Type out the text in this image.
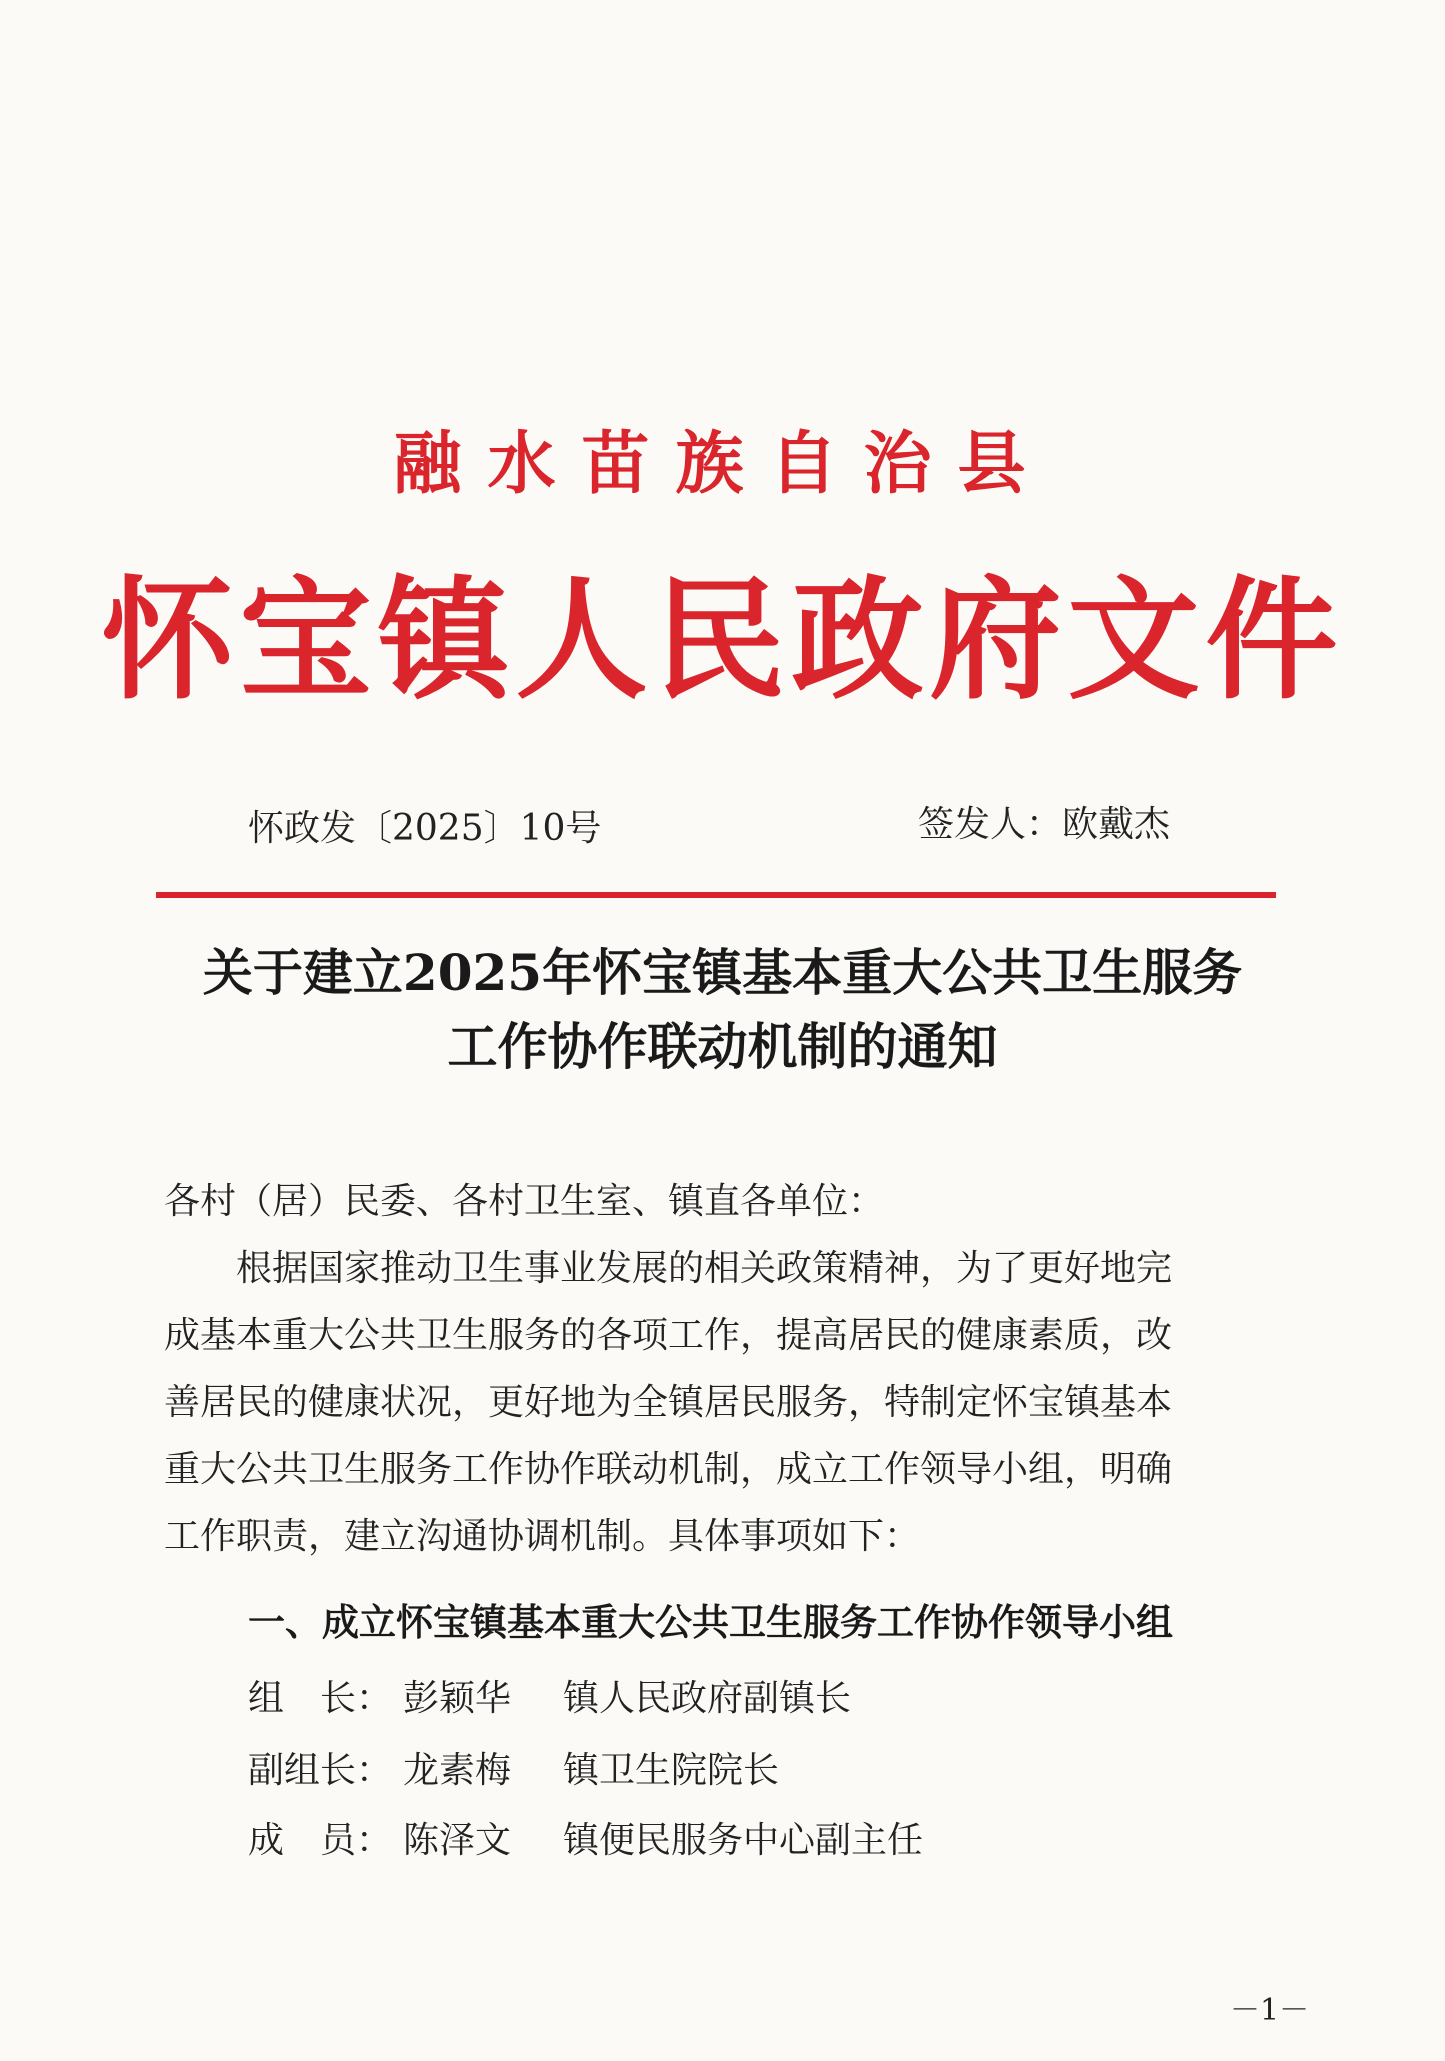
融水苗族自治县
怀宝镇人民政府文件
怀政发〔2025〕10号	签发人：欧戴杰
关于建立2025年怀宝镇基本重大公共卫生服务
工作协作联动机制的通知
各村（居）民委、各村卫生室、镇直各单位：
　　根据国家推动卫生事业发展的相关政策精神，为了更好地完
成基本重大公共卫生服务的各项工作，提高居民的健康素质，改
善居民的健康状况，更好地为全镇居民服务，特制定怀宝镇基本
重大公共卫生服务工作协作联动机制，成立工作领导小组，明确
工作职责，建立沟通协调机制。具体事项如下：
一、成立怀宝镇基本重大公共卫生服务工作协作领导小组
组　长： 彭颖华 镇人民政府副镇长
副组长： 龙素梅 镇卫生院院长
成　员： 陈泽文 镇便民服务中心副主任
－1－
